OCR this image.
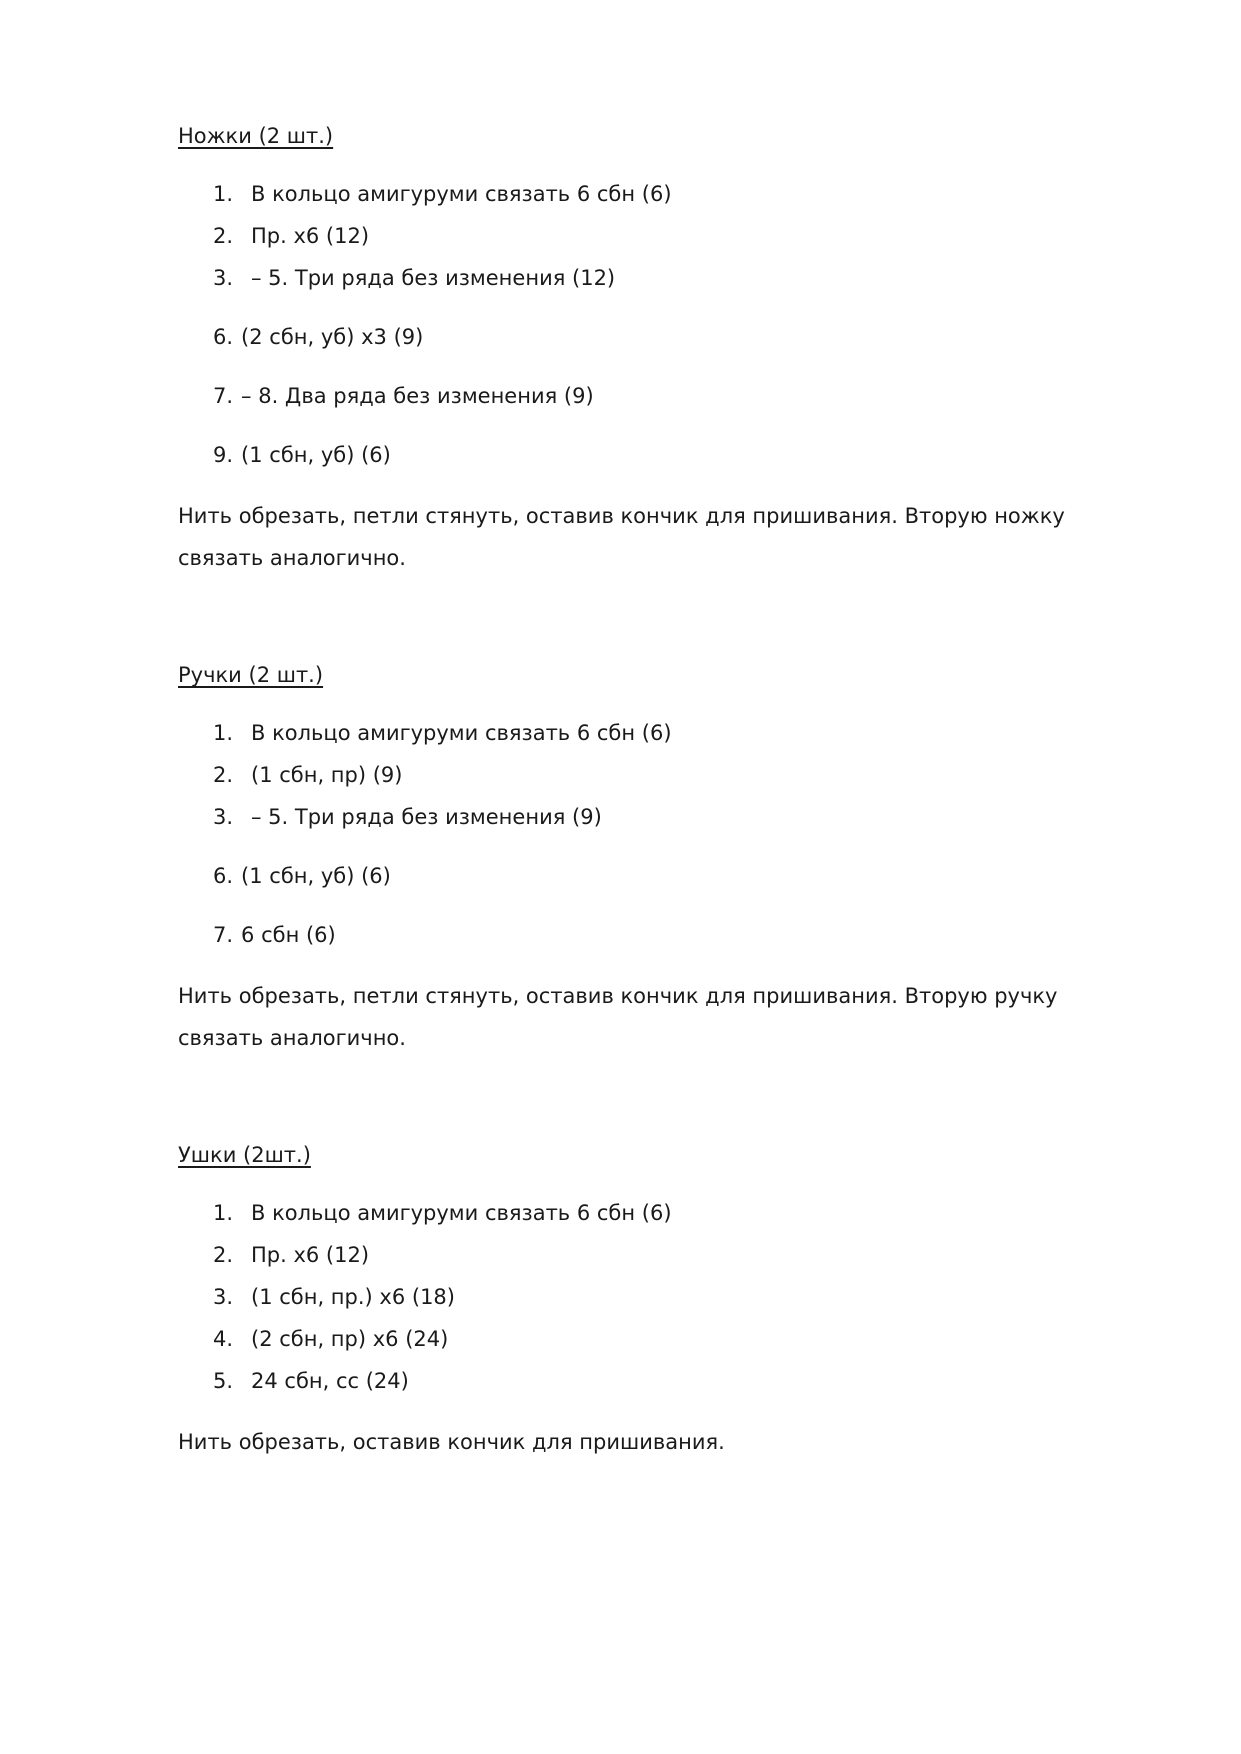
Ножки (2 шт.)
1. В кольцо амигуруми связать 6 сбн (6)
2. Пр. х6 (12)
3. – 5. Три ряда без изменения (12)
6. (2 сбн, уб) х3 (9)
7. – 8. Два ряда без изменения (9)
9. (1 сбн, уб) (6)
Нить обрезать, петли стянуть, оставив кончик для пришивания. Вторую ножку связать аналогично.
Ручки (2 шт.)
1. В кольцо амигуруми связать 6 сбн (6)
2. (1 сбн, пр) (9)
3. – 5. Три ряда без изменения (9)
6. (1 сбн, уб) (6)
7. 6 сбн (6)
Нить обрезать, петли стянуть, оставив кончик для пришивания. Вторую ручку связать аналогично.
Ушки (2шт.)
1. В кольцо амигуруми связать 6 сбн (6)
2. Пр. х6 (12)
3. (1 сбн, пр.) х6 (18)
4. (2 сбн, пр) х6 (24)
5. 24 сбн, сс (24)
Нить обрезать, оставив кончик для пришивания.
